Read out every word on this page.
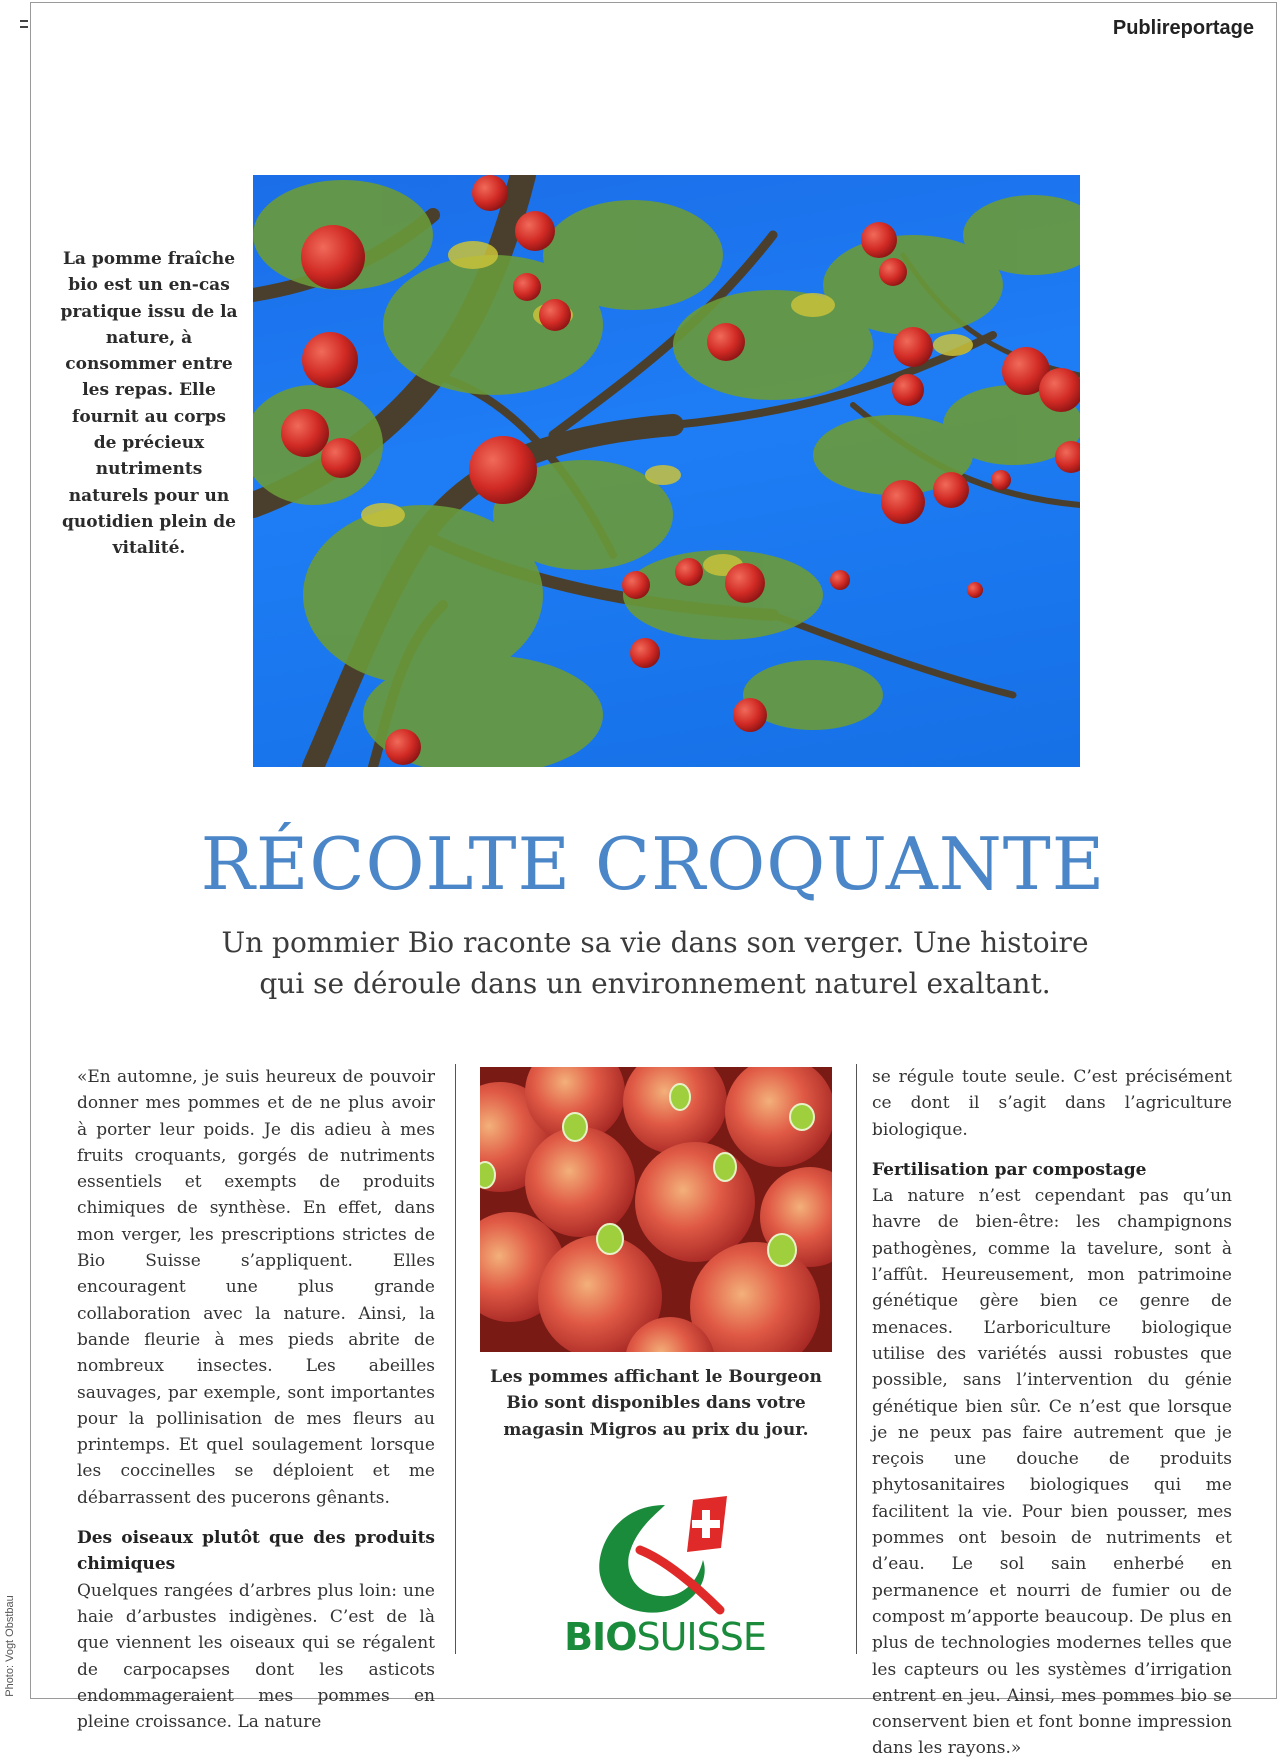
Publireportage
Photo: Vogt Obstbau
La pomme fraîche bio est un en-cas pratique issu de la nature, à consommer entre les repas. Elle fournit au corps de précieux nutriments naturels pour un quotidien plein de vitalité.
RÉCOLTE CROQUANTE

Un pommier Bio raconte sa vie dans son verger. Une histoire qui se déroule dans un environnement naturel exaltant.

«En automne, je suis heureux de pouvoir donner mes pommes et de ne plus avoir à porter leur poids. Je dis adieu à mes fruits croquants, gorgés de nutriments essentiels et exempts de produits chimiques de synthèse. En effet, dans mon verger, les prescriptions strictes de Bio Suisse s’appliquent. Elles encouragent une plus grande collaboration avec la nature. Ainsi, la bande fleurie à mes pieds abrite de nombreux insectes. Les abeilles sauvages, par exemple, sont importantes pour la pollinisation de mes fleurs au printemps. Et quel soulagement lorsque les coccinelles se déploient et me débarrassent des pucerons gênants.

Des oiseaux plutôt que des produits chimiques

Quelques rangées d’arbres plus loin: une haie d’arbustes indigènes. C’est de là que viennent les oiseaux qui se régalent de carpocapses dont les asticots endommageraient mes pommes en pleine croissance. La nature

Les pommes affichant le Bourgeon Bio sont disponibles dans votre magasin Migros au prix du jour.
BIOSUISSE

se régule toute seule. C’est précisément ce dont il s’agit dans l’agriculture biologique.

Fertilisation par compostage

La nature n’est cependant pas qu’un havre de bien-être: les champignons pathogènes, comme la tavelure, sont à l’affût. Heureusement, mon patrimoine génétique gère bien ce genre de menaces. L’arboriculture biologique utilise des variétés aussi robustes que possible, sans l’intervention du génie génétique bien sûr. Ce n’est que lorsque je ne peux pas faire autrement que je reçois une douche de produits phytosanitaires biologiques qui me facilitent la vie. Pour bien pousser, mes pommes ont besoin de nutriments et d’eau. Le sol sain enherbé en permanence et nourri de fumier ou de compost m’apporte beaucoup. De plus en plus de technologies modernes telles que les capteurs ou les systèmes d’irrigation entrent en jeu. Ainsi, mes pommes bio se conservent bien et font bonne impression dans les rayons.»
